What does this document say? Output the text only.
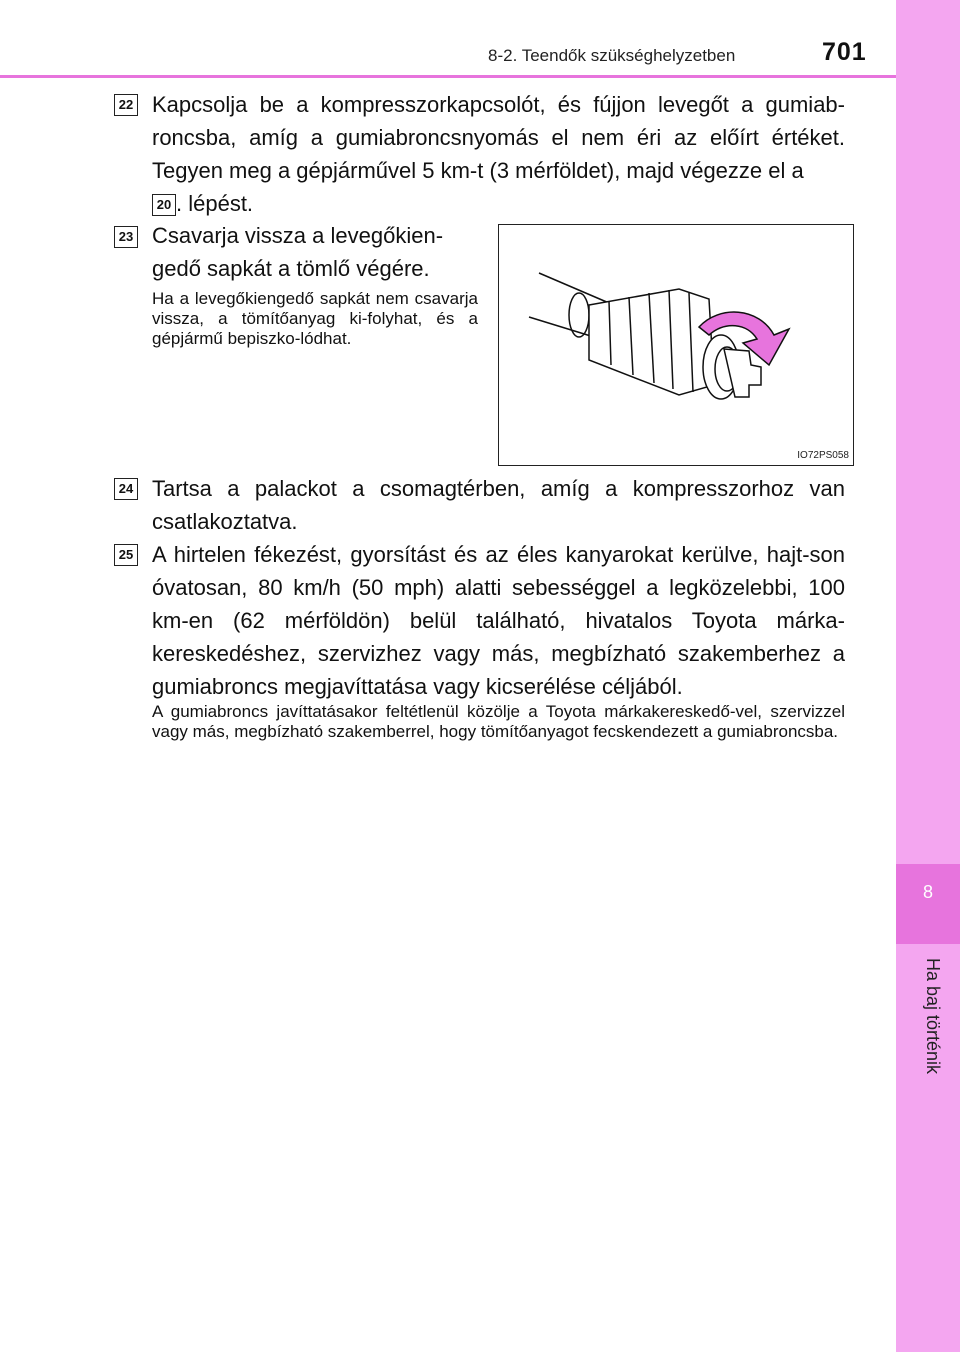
8
Ha baj történik
8-2. Teendők szükséghelyzetben	701
22 Kapcsolja be a kompresszorkapcsolót, és fújjon levegőt a gumiab-roncsba, amíg a gumiabroncsnyomás el nem éri az előírt értéket. Tegyen meg a gépjárművel 5 km-t (3 mérföldet), majd végezze el a
20 . lépést.
23 Csavarja vissza a levegőkien-gedő sapkát a tömlő végére.
Ha a levegőkiengedő sapkát nem csavarja vissza, a tömítőanyag ki-folyhat, és a gépjármű bepiszko-lódhat.
IO72PS058
24 Tartsa a palackot a csomagtérben, amíg a kompresszorhoz van csatlakoztatva.
25 A hirtelen fékezést, gyorsítást és az éles kanyarokat kerülve, hajt-son óvatosan, 80 km/h (50 mph) alatti sebességgel a legközelebbi, 100 km-en (62 mérföldön) belül található, hivatalos Toyota márka-kereskedéshez, szervizhez vagy más, megbízható szakemberhez a gumiabroncs megjavíttatása vagy kicserélése céljából.
A gumiabroncs javíttatásakor feltétlenül közölje a Toyota márkakereskedő-vel, szervizzel vagy más, megbízható szakemberrel, hogy tömítőanyagot fecskendezett a gumiabroncsba.
